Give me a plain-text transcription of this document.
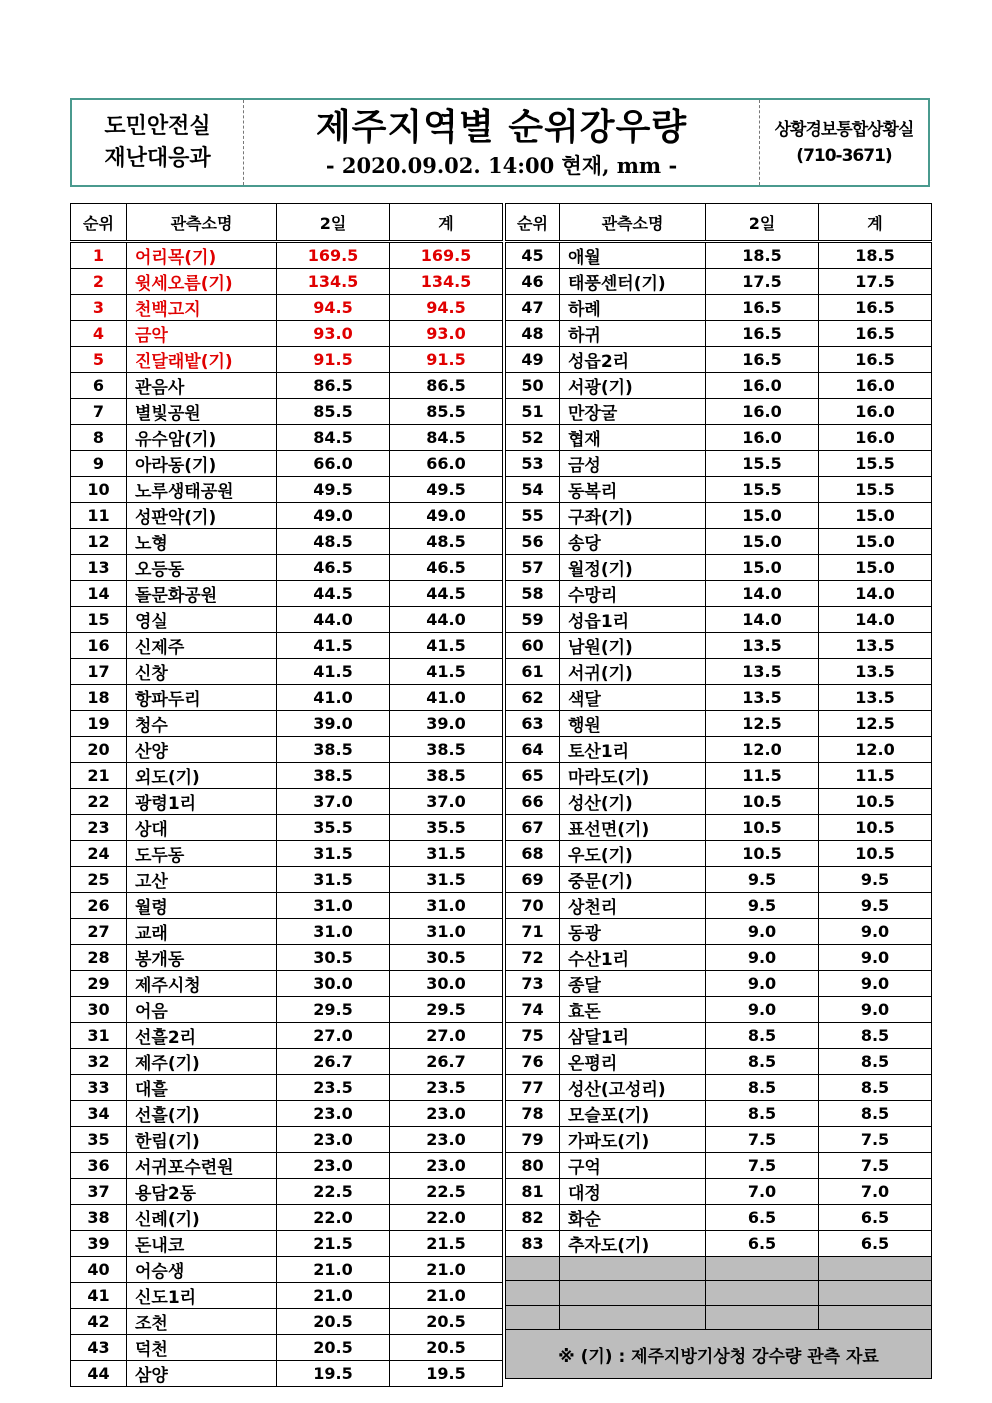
도민안전실
재난대응과
제주지역별 순위강우량
- 2020.09.02. 14:00 현재, mm -
상황경보통합상황실
(710-3671)
순위	관측소명	2일	계
1	어리목(기)	169.5	169.5
2	윗세오름(기)	134.5	134.5
3	천백고지	94.5	94.5
4	금악	93.0	93.0
5	진달래밭(기)	91.5	91.5
6	관음사	86.5	86.5
7	별빛공원	85.5	85.5
8	유수암(기)	84.5	84.5
9	아라동(기)	66.0	66.0
10	노루생태공원	49.5	49.5
11	성판악(기)	49.0	49.0
12	노형	48.5	48.5
13	오등동	46.5	46.5
14	돌문화공원	44.5	44.5
15	영실	44.0	44.0
16	신제주	41.5	41.5
17	신창	41.5	41.5
18	항파두리	41.0	41.0
19	청수	39.0	39.0
20	산양	38.5	38.5
21	외도(기)	38.5	38.5
22	광령1리	37.0	37.0
23	상대	35.5	35.5
24	도두동	31.5	31.5
25	고산	31.5	31.5
26	월령	31.0	31.0
27	교래	31.0	31.0
28	봉개동	30.5	30.5
29	제주시청	30.0	30.0
30	어음	29.5	29.5
31	선흘2리	27.0	27.0
32	제주(기)	26.7	26.7
33	대흘	23.5	23.5
34	선흘(기)	23.0	23.0
35	한림(기)	23.0	23.0
36	서귀포수련원	23.0	23.0
37	용담2동	22.5	22.5
38	신례(기)	22.0	22.0
39	돈내코	21.5	21.5
40	어승생	21.0	21.0
41	신도1리	21.0	21.0
42	조천	20.5	20.5
43	덕천	20.5	20.5
44	삼양	19.5	19.5
순위	관측소명	2일	계
45	애월	18.5	18.5
46	태풍센터(기)	17.5	17.5
47	하례	16.5	16.5
48	하귀	16.5	16.5
49	성읍2리	16.5	16.5
50	서광(기)	16.0	16.0
51	만장굴	16.0	16.0
52	협재	16.0	16.0
53	금성	15.5	15.5
54	동복리	15.5	15.5
55	구좌(기)	15.0	15.0
56	송당	15.0	15.0
57	월정(기)	15.0	15.0
58	수망리	14.0	14.0
59	성읍1리	14.0	14.0
60	남원(기)	13.5	13.5
61	서귀(기)	13.5	13.5
62	색달	13.5	13.5
63	행원	12.5	12.5
64	토산1리	12.0	12.0
65	마라도(기)	11.5	11.5
66	성산(기)	10.5	10.5
67	표선면(기)	10.5	10.5
68	우도(기)	10.5	10.5
69	중문(기)	9.5	9.5
70	상천리	9.5	9.5
71	동광	9.0	9.0
72	수산1리	9.0	9.0
73	종달	9.0	9.0
74	효돈	9.0	9.0
75	삼달1리	8.5	8.5
76	온평리	8.5	8.5
77	성산(고성리)	8.5	8.5
78	모슬포(기)	8.5	8.5
79	가파도(기)	7.5	7.5
80	구억	7.5	7.5
81	대정	7.0	7.0
82	화순	6.5	6.5
83	추자도(기)	6.5	6.5

※ (기) : 제주지방기상청 강수량 관측 자료			
